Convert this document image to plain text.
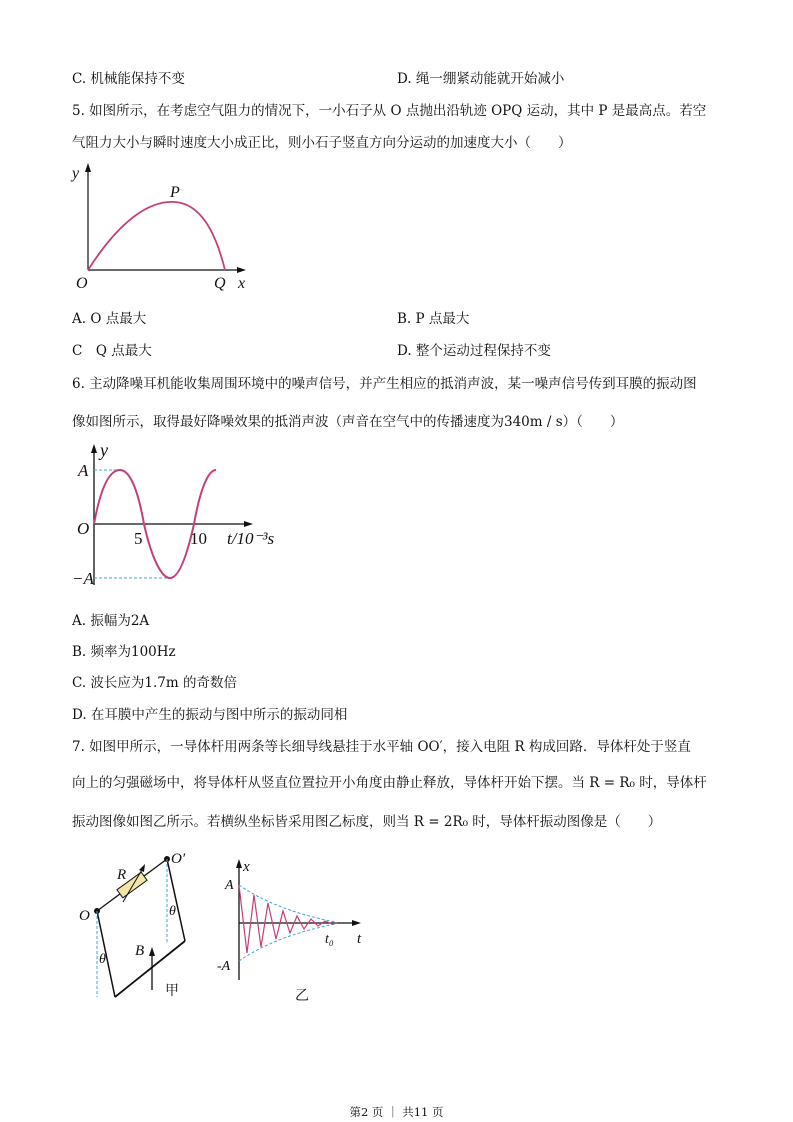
C. 机械能保持不变	D. 绳一绷紧动能就开始减小
5. 如图所示，在考虑空气阻力的情况下，一小石子从 O 点抛出沿轨迹 OPQ 运动，其中 P 是最高点。若空
气阻力大小与瞬时速度大小成正比，则小石子竖直方向分运动的加速度大小（　　）
y
P
O	Q x
A. O 点最大	B. P 点最大
C　Q 点最大	D. 整个运动过程保持不变
6. 主动降噪耳机能收集周围环境中的噪声信号，并产生相应的抵消声波，某一噪声信号传到耳膜的振动图
像如图所示，取得最好降噪效果的抵消声波（声音在空气中的传播速度为340m / s）（　　）
y
A
O
−A
5	10 t/10⁻³s
A. 振幅为2A
B. 频率为100Hz
C. 波长应为1.7m 的奇数倍
D. 在耳膜中产生的振动与图中所示的振动同相
7. 如图甲所示，一导体杆用两条等长细导线悬挂于水平轴 OO′，接入电阻 R 构成回路．导体杆处于竖直
向上的匀强磁场中，将导体杆从竖直位置拉开小角度由静止释放，导体杆开始下摆。当 R = R₀ 时，导体杆
振动图像如图乙所示。若横纵坐标皆采用图乙标度，则当 R = 2R₀ 时，导体杆振动图像是（　　）
O
O′
R
B
θ
θ
甲
x
A
-A
t₀ t
乙
第2 页 ｜ 共11 页
